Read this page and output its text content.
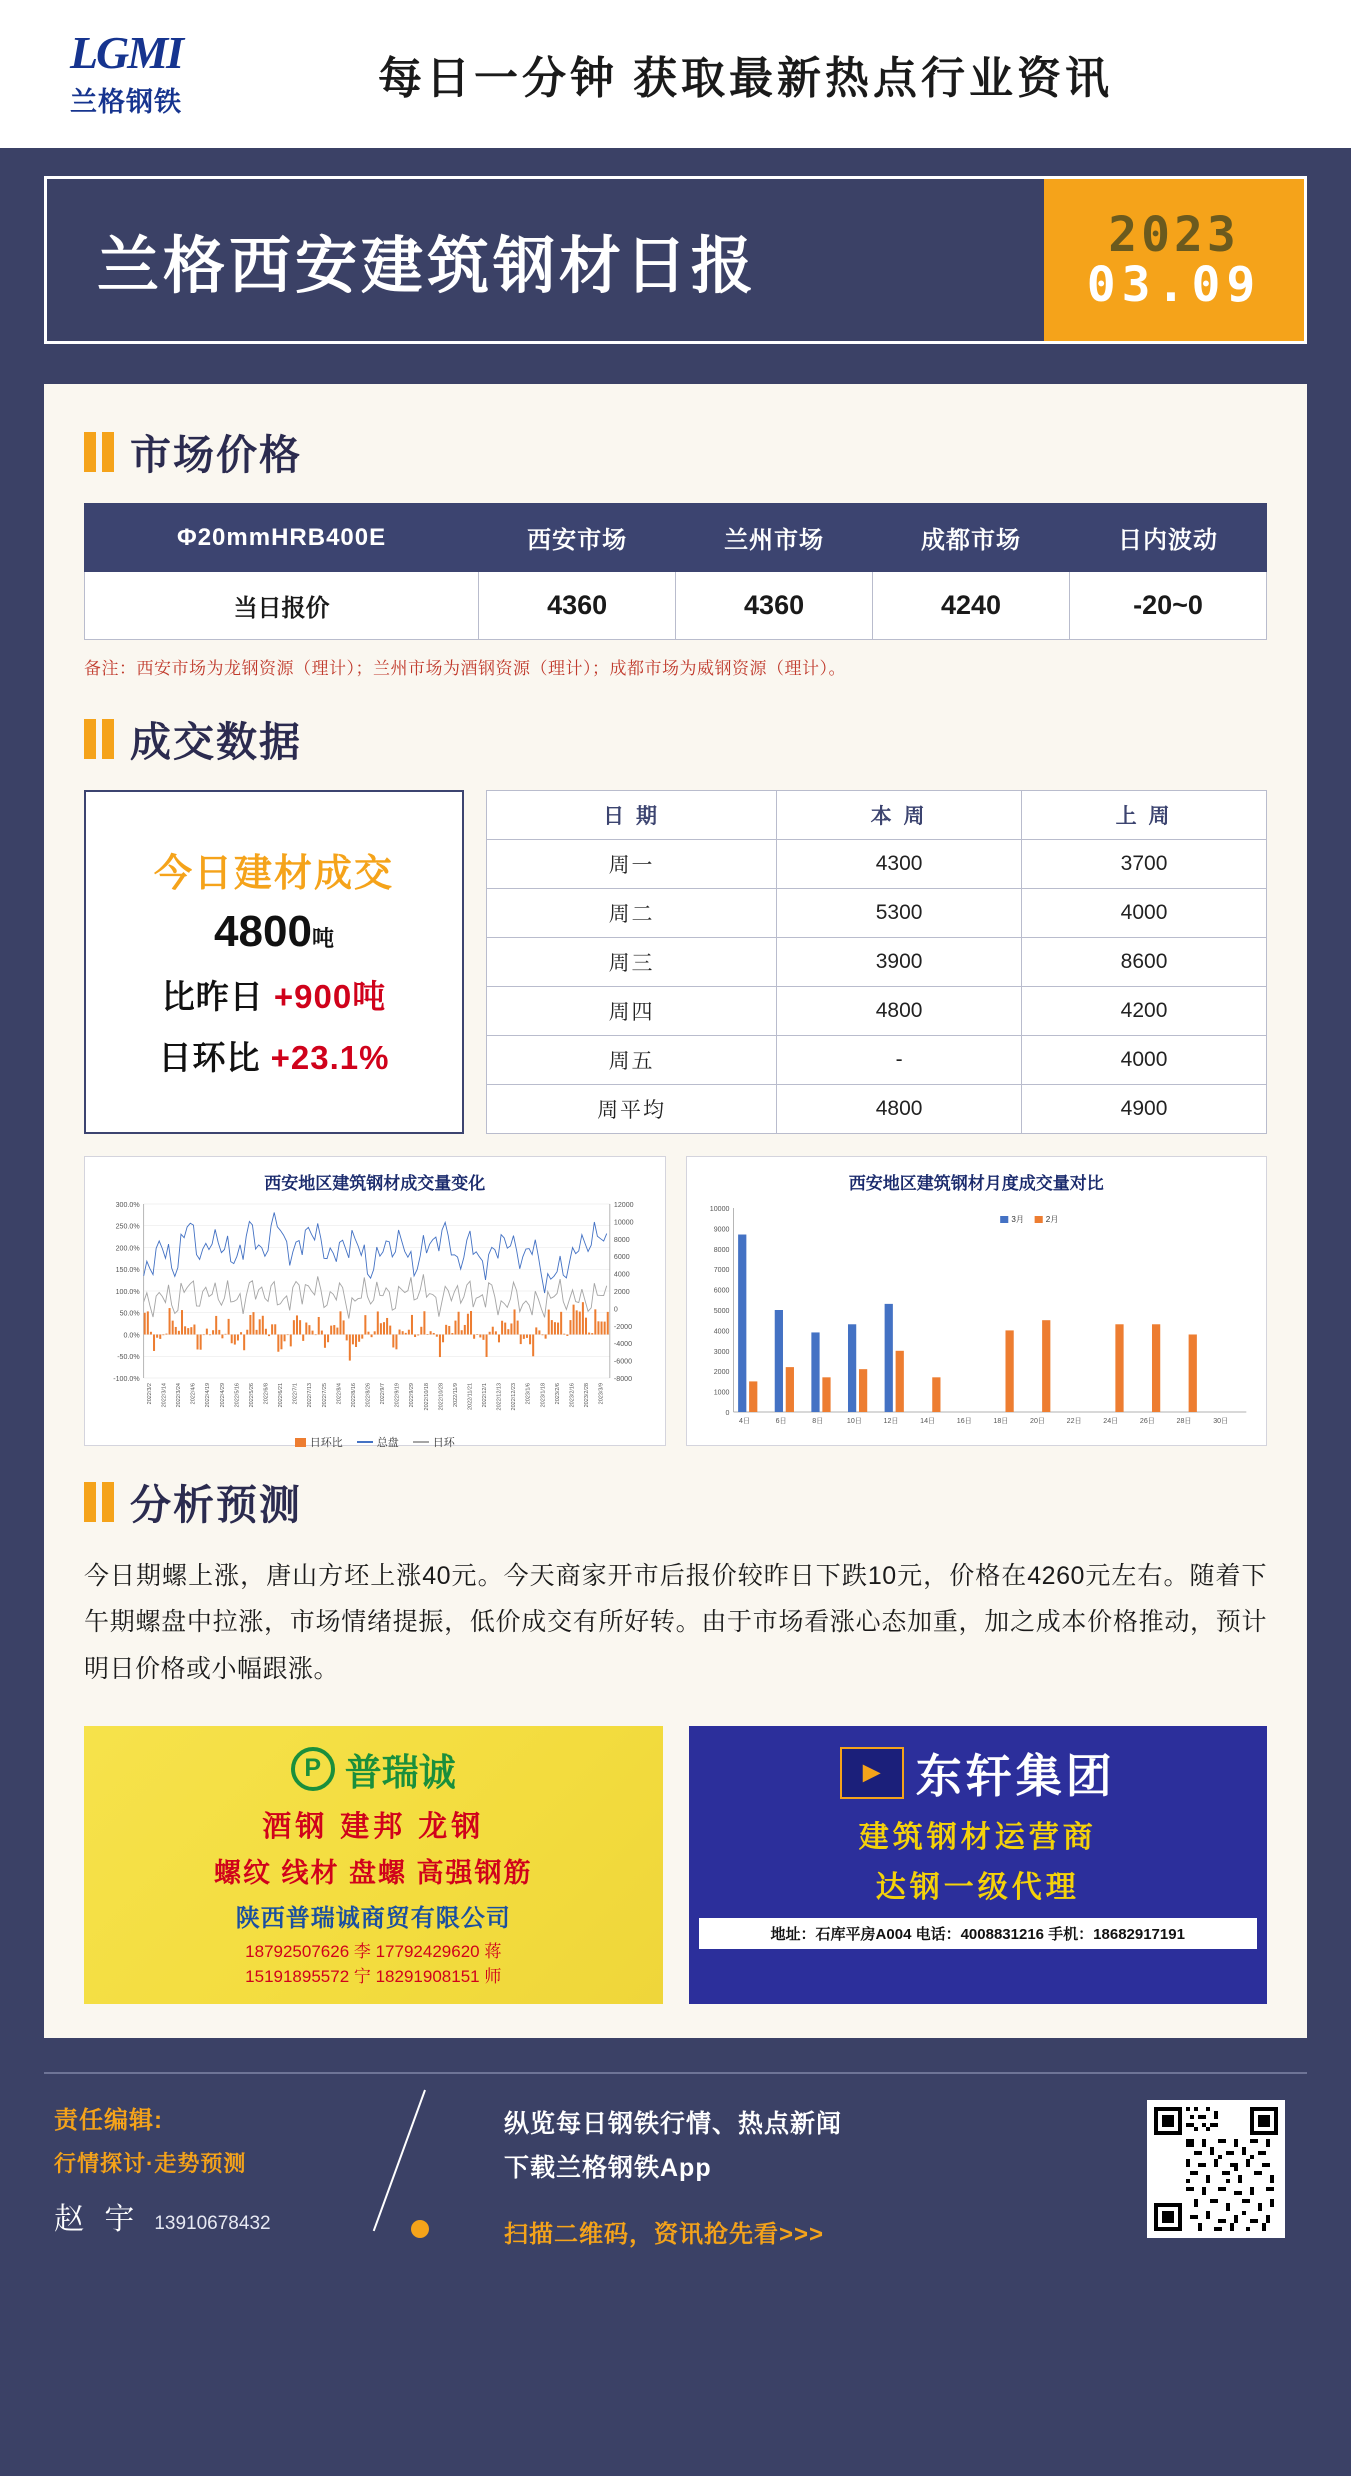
LGMI
兰格钢铁	每日一分钟 获取最新热点行业资讯
兰格西安建筑钢材日报	2023
03.09
市场价格
Φ20mmHRB400E	西安市场	兰州市场	成都市场	日内波动
当日报价	4360	4360	4240	-20~0
备注：西安市场为龙钢资源（理计）；兰州市场为酒钢资源（理计）；成都市场为威钢资源（理计）。
成交数据
今日建材成交
4800吨
比昨日 +900吨
日环比 +23.1%
日 期	本 周	上 周
周一	4300	3700
周二	5300	4000
周三	3900	8600
周四	4800	4200
周五	-	4000
周平均	4800	4900
西安地区建筑钢材成交量变化
300.0%
250.0%
200.0%
150.0%
100.0%
50.0%
0.0%
-50.0%
-100.0%
12000
10000
8000
6000
4000
2000
0
-2000
-4000
-6000
-8000
2022/3/2 2022/3/14 2022/3/24 2022/4/6 2022/4/19 2022/4/29 2022/5/16 2022/5/26 2022/6/8 2022/6/21 2022/7/1 2022/7/13 2022/7/25 2022/8/4 2022/8/16 2022/8/26 2022/9/7 2022/9/19 2022/9/29 2022/10/18 2022/10/28 2022/11/9 2022/11/21 2022/12/1 2022/12/13 2022/12/23 2023/1/6 2023/1/18 2023/2/6 2023/2/16 2023/2/28 2023/3/9
日环比	总盘	日环
西安地区建筑钢材月度成交量对比
10000
9000
8000
7000
6000
5000
4000
3000
2000
1000
0
3月	2月
4日	6日	8日	10日	12日	14日	16日	18日	20日	22日	24日	26日	28日	30日
分析预测
今日期螺上涨，唐山方坯上涨40元。今天商家开市后报价较昨日下跌10元，价格在4260元左右。随着下午期螺盘中拉涨，市场情绪提振，低价成交有所好转。由于市场看涨心态加重，加之成本价格推动，预计明日价格或小幅跟涨。
P 普瑞诚
酒钢 建邦 龙钢
螺纹 线材 盘螺 高强钢筋
陕西普瑞诚商贸有限公司
18792507626 李 17792429620 蒋
15191895572 宁 18291908151 师
► 东轩集团
建筑钢材运营商
达钢一级代理
地址：石库平房A004 电话：4008831216 手机：18682917191
责任编辑:
行情探讨·走势预测
赵 宇 13910678432
纵览每日钢铁行情、热点新闻
下载兰格钢铁App
扫描二维码，资讯抢先看>>>
